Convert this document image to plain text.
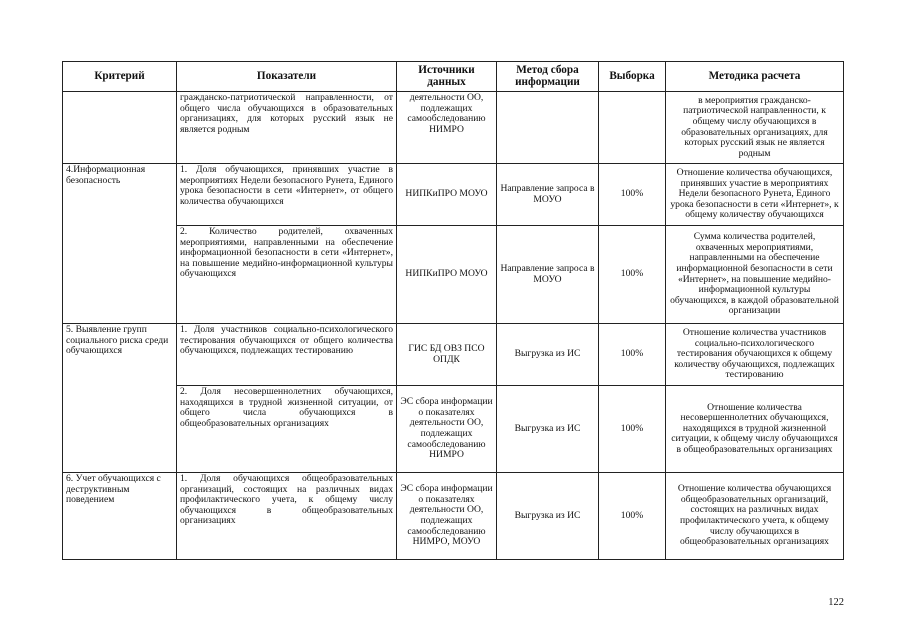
Критерий	Показатели	Источники данных	Метод сбора информации	Выборка	Методика расчета
	гражданско-патриотической направленности, от общего числа обучающихся в образовательных организациях, для которых русский язык не является родным	деятельности ОО, подлежащих самообследованию НИМРО			в мероприятия гражданско-патриотической направленности, к общему числу обучающихся в образовательных организациях, для которых русский язык не является родным
4.Информационная безопасность	1. Доля обучающихся, принявших участие в мероприятиях Недели безопасного Рунета, Единого урока безопасности в сети «Интернет», от общего количества обучающихся	НИПКиПРО МОУО	Направление запроса в МОУО	100%	Отношение количества обучающихся, принявших участие в мероприятиях Недели безопасного Рунета, Единого урока безопасности в сети «Интернет», к общему количеству обучающихся
	2. Количество родителей, охваченных мероприятиями, направленными на обеспечение информационной безопасности в сети «Интернет», на повышение медийно-информационной культуры обучающихся	НИПКиПРО МОУО	Направление запроса в МОУО	100%	Сумма количества родителей, охваченных мероприятиями, направленными на обеспечение информационной безопасности в сети «Интернет», на повышение медийно-информационной культуры обучающихся, в каждой образовательной организации
5. Выявление групп социального риска среди обучающихся	1. Доля участников социально-психологического тестирования обучающихся от общего количества обучающихся, подлежащих тестированию	ГИС БД ОВЗ ПСО ОПДК	Выгрузка из ИС	100%	Отношение количества участников социально-психологического тестирования обучающихся к общему количеству обучающихся, подлежащих тестированию
	2. Доля несовершеннолетних обучающихся, находящихся в трудной жизненной ситуации, от общего числа обучающихся в общеобразовательных организациях	ЭС сбора информации о показателях деятельности ОО, подлежащих самообследованию НИМРО	Выгрузка из ИС	100%	Отношение количества несовершеннолетних обучающихся, находящихся в трудной жизненной ситуации, к общему числу обучающихся в общеобразовательных организациях
6. Учет обучающихся с деструктивным поведением	1. Доля обучающихся общеобразовательных организаций, состоящих на различных видах профилактического учета, к общему числу обучающихся в общеобразовательных организациях	ЭС сбора информации о показателях деятельности ОО, подлежащих самообследованию НИМРО, МОУО	Выгрузка из ИС	100%	Отношение количества обучающихся общеобразовательных организаций, состоящих на различных видах профилактического учета, к общему числу обучающихся в общеобразовательных организациях
122
